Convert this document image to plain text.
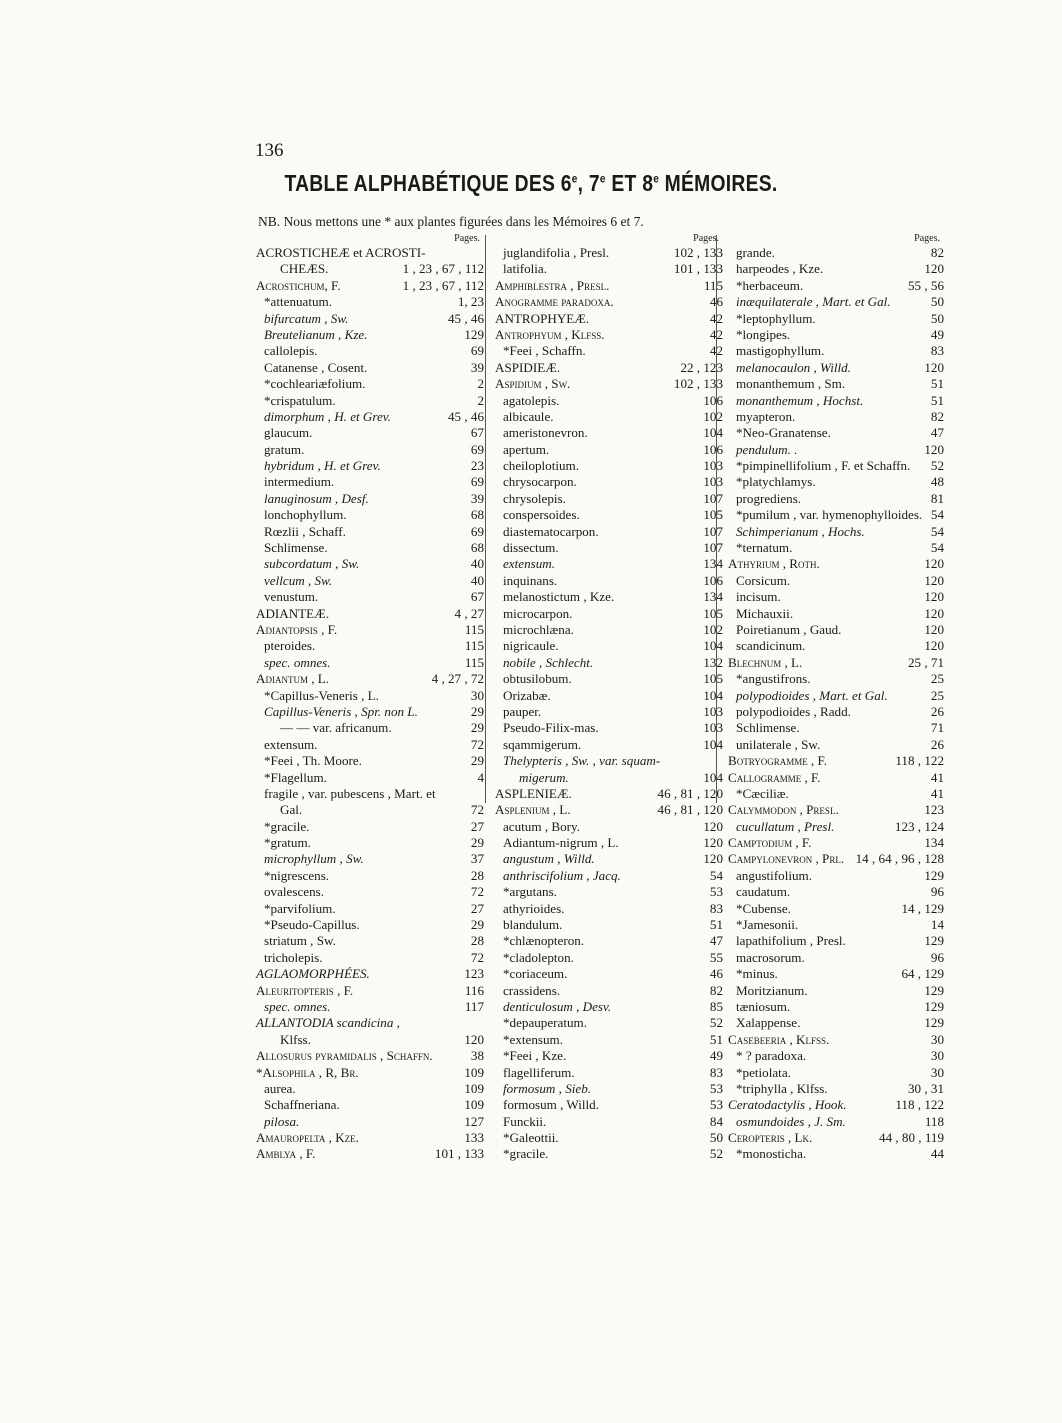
136
TABLE ALPHABÉTIQUE DES 6e, 7e ET 8e MÉMOIRES.
NB. Nous mettons une * aux plantes figurées dans les Mémoires 6 et 7.
Pages.
ACROSTICHEÆ et ACROSTI-
CHEÆS.	1 , 23 , 67 , 112
Acrostichum, F.	1 , 23 , 67 , 112
*attenuatum.	1, 23
bifurcatum , Sw.	45 , 46
Breutelianum , Kze.	129
callolepis.	69
Catanense , Cosent.	39
*cochleariæfolium.	2
*crispatulum.	2
dimorphum , H. et Grev.	45 , 46
glaucum.	67
gratum.	69
hybridum , H. et Grev.	23
intermedium.	69
lanuginosum , Desf.	39
lonchophyllum.	68
Rœzlii , Schaff.	69
Schlimense.	68
subcordatum , Sw.	40
vellcum , Sw.	40
venustum.	67
ADIANTEÆ.	4 , 27
Adiantopsis , F.	115
pteroides.	115
spec. omnes.	115
Adiantum , L.	4 , 27 , 72
*Capillus-Veneris , L.	30
Capillus-Veneris , Spr. non L.	29
— — var. africanum.	29
extensum.	72
*Feei , Th. Moore.	29
*Flagellum.	4
fragile , var. pubescens , Mart. et
Gal.	72
*gracile.	27
*gratum.	29
microphyllum , Sw.	37
*nigrescens.	28
ovalescens.	72
*parvifolium.	27
*Pseudo-Capillus.	29
striatum , Sw.	28
tricholepis.	72
AGLAOMORPHÉES.	123
Aleuritopteris , F.	116
spec. omnes.	117
ALLANTODIA scandicina ,
Klfss.	120
Allosurus pyramidalis , Schaffn.	38
*Alsophila , R, Br.	109
aurea.	109
Schaffneriana.	109
pilosa.	127
Amauropelta , Kze.	133
Amblya , F.	101 , 133
Pages.
juglandifolia , Presl.	102 , 133
latifolia.	101 , 133
Amphiblestra , Presl.	115
Anogramme paradoxa.	46
ANTROPHYEÆ.	42
Antrophyum , Klfss.	42
*Feei , Schaffn.	42
ASPIDIEÆ.	22 , 123
Aspidium , Sw.	102 , 133
agatolepis.	106
albicaule.	102
ameristonevron.	104
apertum.	106
cheiloplotium.	103
chrysocarpon.	103
chrysolepis.	107
conspersoides.	105
diastematocarpon.	107
dissectum.	107
extensum.	134
inquinans.	106
melanostictum , Kze.	134
microcarpon.	105
microchlæna.	102
nigricaule.	104
nobile , Schlecht.	132
obtusilobum.	105
Orizabæ.	104
pauper.	103
Pseudo-Filix-mas.	103
sqammigerum.	104
Thelypteris , Sw. , var. squam-
migerum.	104
ASPLENIEÆ.	46 , 81 , 120
Asplenium , L.	46 , 81 , 120
acutum , Bory.	120
Adiantum-nigrum , L.	120
angustum , Willd.	120
anthriscifolium , Jacq.	54
*argutans.	53
athyrioides.	83
blandulum.	51
*chlænopteron.	47
*cladolepton.	55
*coriaceum.	46
crassidens.	82
denticulosum , Desv.	85
*depauperatum.	52
*extensum.	51
*Feei , Kze.	49
flagelliferum.	83
formosum , Sieb.	53
formosum , Willd.	53
Funckii.	84
*Galeottii.	50
*gracile.	52
Pages.
grande.	82
harpeodes , Kze.	120
*herbaceum.	55 , 56
inæquilaterale , Mart. et Gal.	50
*leptophyllum.	50
*longipes.	49
mastigophyllum.	83
melanocaulon , Willd.	120
monanthemum , Sm.	51
monanthemum , Hochst.	51
myapteron.	82
*Neo-Granatense.	47
pendulum. .	120
*pimpinellifolium , F. et Schaffn.	52
*platychlamys.	48
progrediens.	81
*pumilum , var. hymenophylloides. 54
Schimperianum , Hochs.	54
*ternatum.	54
Athyrium , Roth.	120
Corsicum.	120
incisum.	120
Michauxii.	120
Poiretianum , Gaud.	120
scandicinum.	120
Blechnum , L.	25 , 71
*angustifrons.	25
polypodioides , Mart. et Gal.	25
polypodioides , Radd.	26
Schlimense.	71
unilaterale , Sw.	26
Botryogramme , F.	118 , 122
Callogramme , F.	41
*Cæciliæ.	41
Calymmodon , Presl.	123
cucullatum , Presl.	123 , 124
Camptodium , F.	134
Campylonevron , Prl. 14 , 64 , 96 , 128
angustifolium.	129
caudatum.	96
*Cubense.	14 , 129
*Jamesonii.	14
lapathifolium , Presl.	129
macrosorum.	96
*minus.	64 , 129
Moritzianum.	129
tæniosum.	129
Xalappense.	129
Casebeeria , Klfss.	30
* ? paradoxa.	30
*petiolata.	30
*triphylla , Klfss.	30 , 31
Ceratodactylis , Hook.	118 , 122
osmundoides , J. Sm.	118
Ceropteris , Lk.	44 , 80 , 119
*monosticha.	44
